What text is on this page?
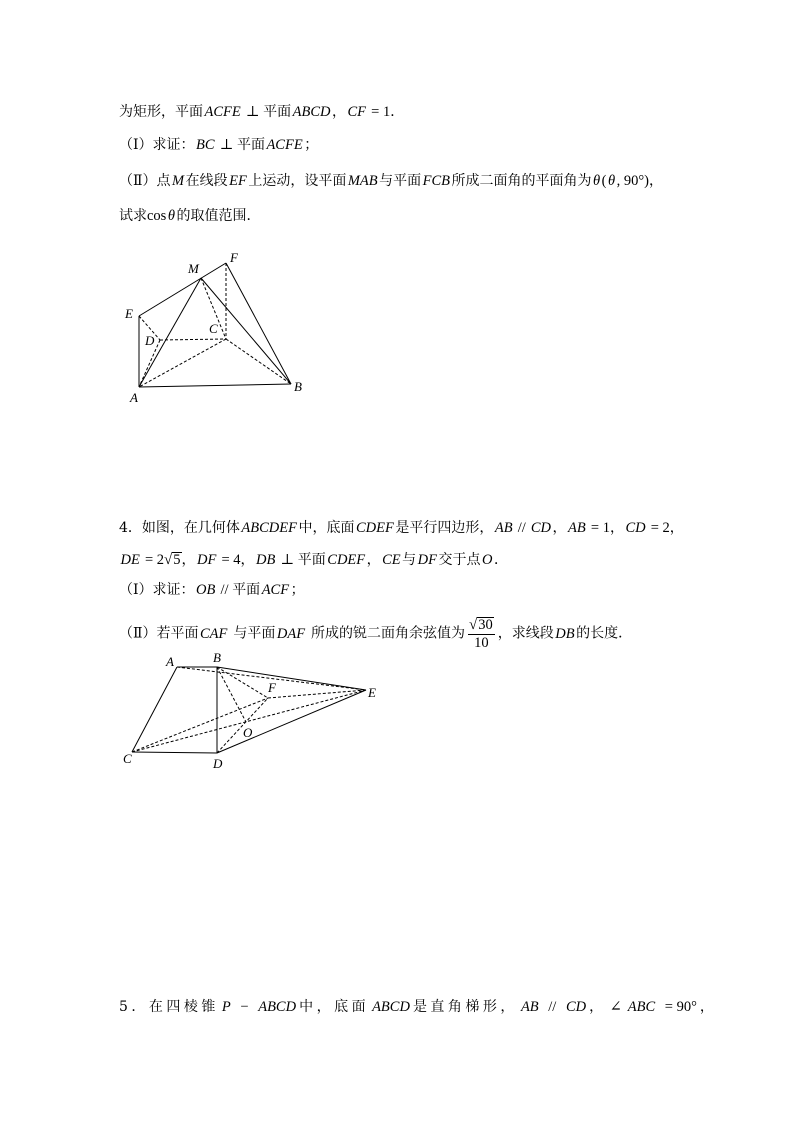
为矩形，平面 ACFE ⊥ 平面 ABCD ， CF = 1．
（Ⅰ）求证： BC ⊥ 平面 ACFE ；
（Ⅱ）点 M 在线段 EF 上运动，设平面 MAB 与平面 FCB 所成二面角的平面角为 θ ( θ , 90°)，
试求cos θ 的取值范围．
M
F
E
D
C
A
B
4．如图，在几何体 ABCDEF 中，底面 CDEF 是平行四边形， AB // CD ， AB = 1， CD = 2，
DE = 2√5， DF = 4， DB ⊥ 平面 CDEF ， CE 与 DF 交于点 O ．
（Ⅰ）求证： OB // 平面 ACF ；
（Ⅱ）若平面 CAF 与平面 DAF 所成的锐二面角余弦值为 $\frac{√30}{10}$ ，求线段 DB 的长度．
A	B
F	E
O
C	D
5．在四棱锥 P − ABCD 中，底面 ABCD 是直角梯形， AB // CD ， ∠ ABC = 90° ，
